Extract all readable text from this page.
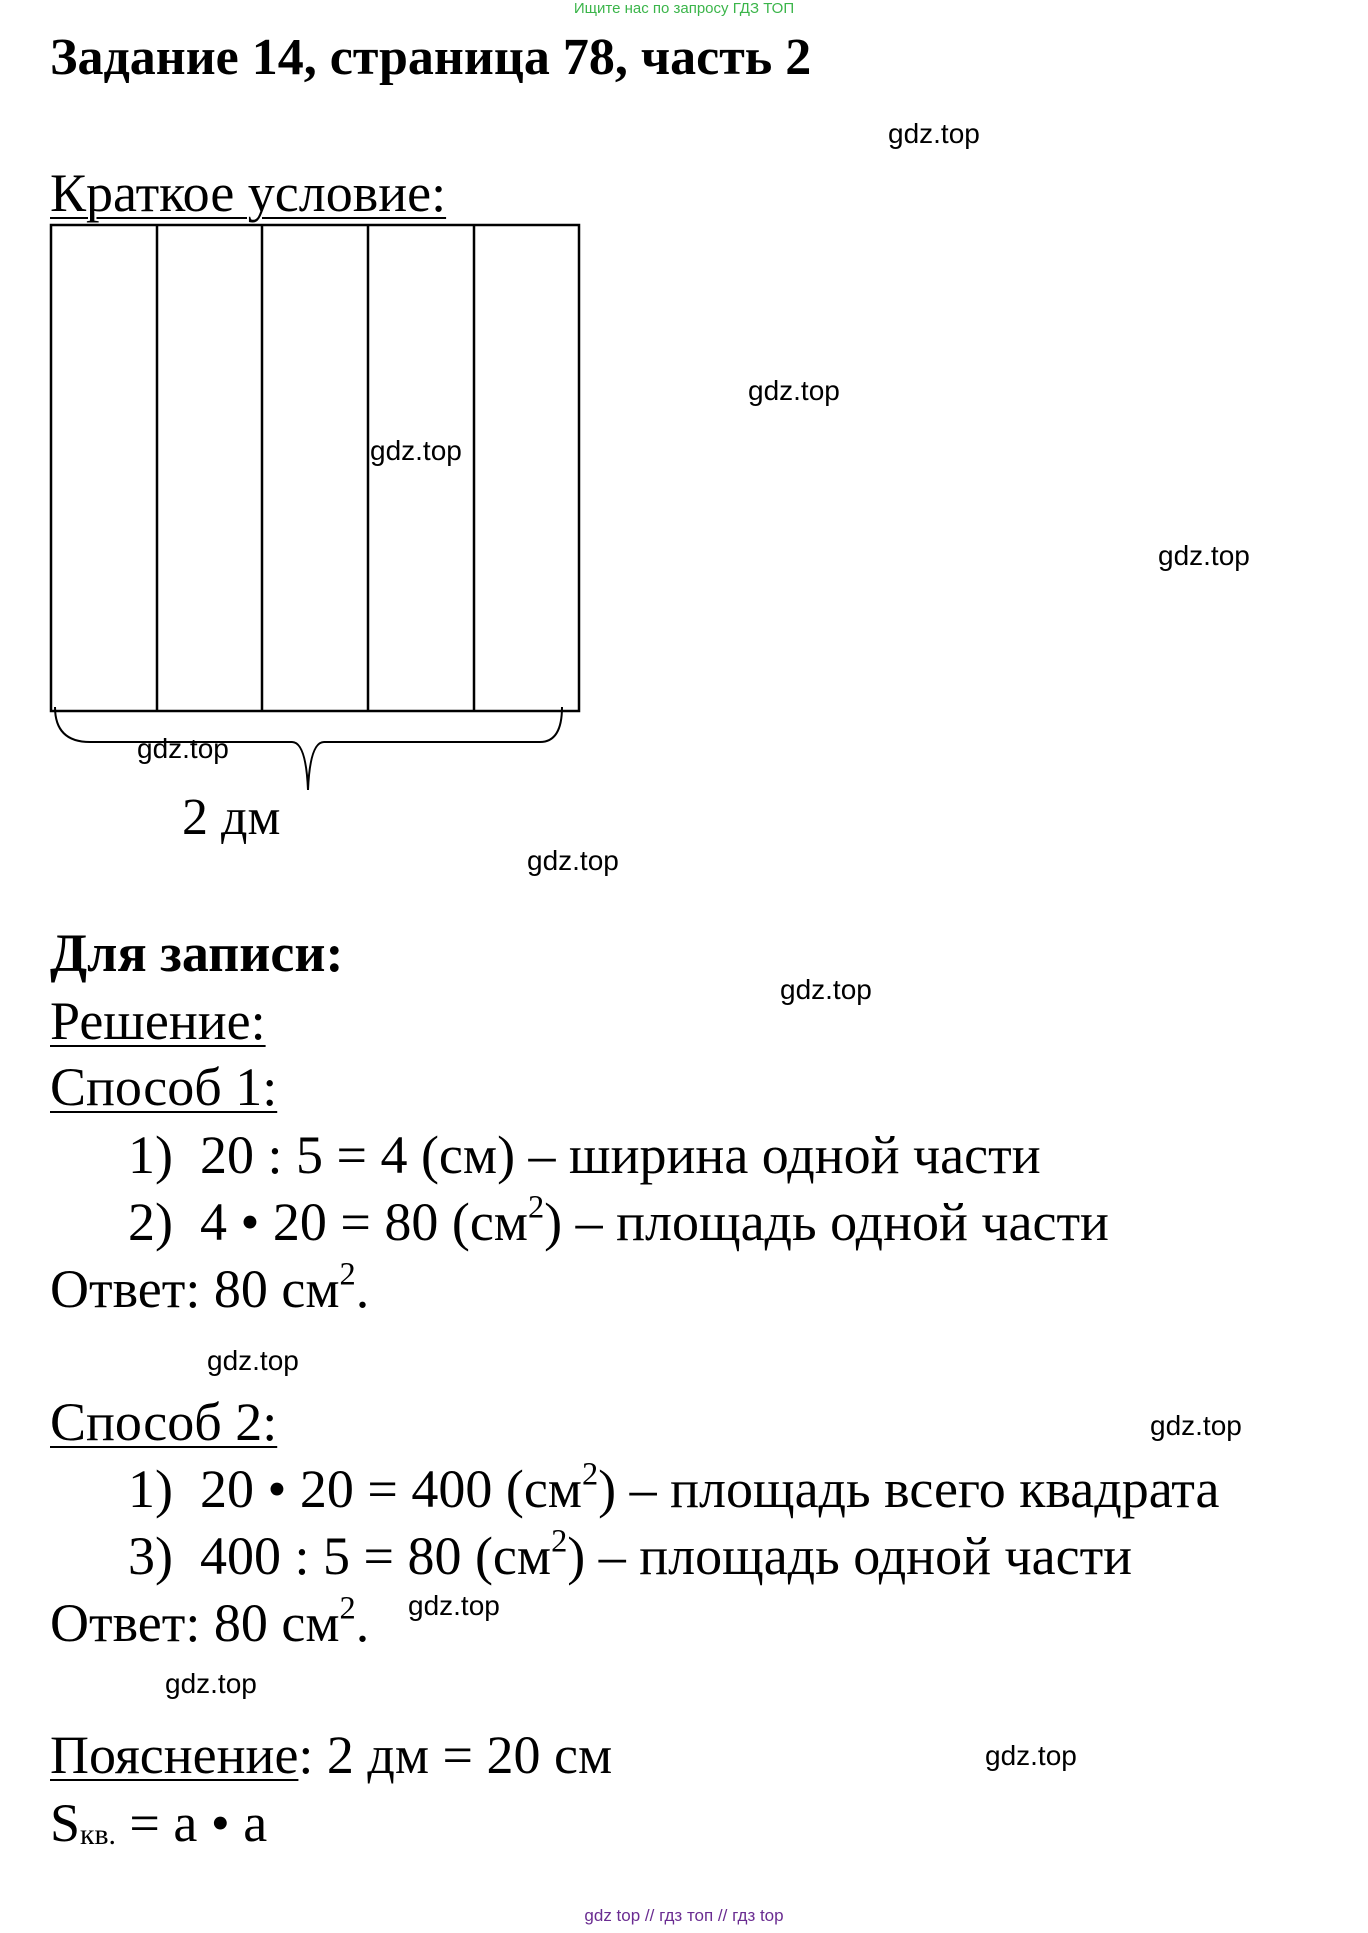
Ищите нас по запросу ГДЗ ТОП
Задание 14, страница 78, часть 2
Краткое условие:
2 дм
Для записи:
Решение:
Способ 1:
1) 20 : 5 = 4 (см) – ширина одной части
2) 4 • 20 = 80 $(см^2)$ – площадь одной части
Ответ: 80 $см^2$.
Способ 2:
1) 20 • 20 = 400 $(см^2)$ – площадь всего квадрата
3) 400 : 5 = 80 $(см^2)$ – площадь одной части
Ответ: 80 $см^2$.
Пояснение: 2 дм = 20 см
$S_{кв.} = a$ • a
gdz.top
gdz.top
gdz.top
gdz.top
gdz.top
gdz.top
gdz.top
gdz.top
gdz.top
gdz.top
gdz.top
gdz.top
gdz top // гдз топ // гдз top
